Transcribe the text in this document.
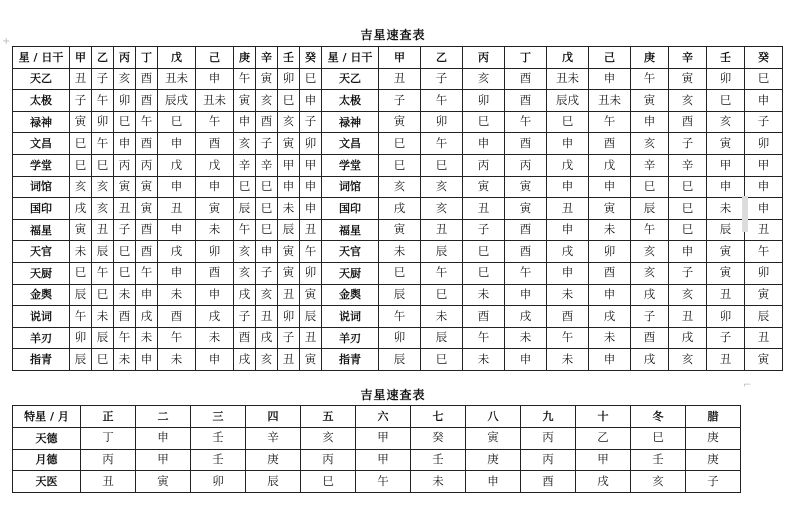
吉星速查表
+
星 / 日干	甲	乙	丙	丁	戊	己	庚	辛	壬	癸	星 / 日干	甲	乙	丙	丁	戊	己	庚	辛	壬	癸
天乙	丑	子	亥	酉	丑未	申	午	寅	卯	巳	天乙	丑	子	亥	酉	丑未	申	午	寅	卯	巳
太极	子	午	卯	酉	辰戌	丑未	寅	亥	巳	申	太极	子	午	卯	酉	辰戌	丑未	寅	亥	巳	申
禄神	寅	卯	巳	午	巳	午	申	酉	亥	子	禄神	寅	卯	巳	午	巳	午	申	酉	亥	子
文昌	巳	午	申	酉	申	酉	亥	子	寅	卯	文昌	巳	午	申	酉	申	酉	亥	子	寅	卯
学堂	巳	巳	丙	丙	戊	戊	辛	辛	甲	甲	学堂	巳	巳	丙	丙	戊	戊	辛	辛	甲	甲
词馆	亥	亥	寅	寅	申	申	巳	巳	申	申	词馆	亥	亥	寅	寅	申	申	巳	巳	申	申
国印	戌	亥	丑	寅	丑	寅	辰	巳	未	申	国印	戌	亥	丑	寅	丑	寅	辰	巳	未	申
福星	寅	丑	子	酉	申	未	午	巳	辰	丑	福星	寅	丑	子	酉	申	未	午	巳	辰	丑
天官	未	辰	巳	酉	戌	卯	亥	申	寅	午	天官	未	辰	巳	酉	戌	卯	亥	申	寅	午
天厨	巳	午	巳	午	申	酉	亥	子	寅	卯	天厨	巳	午	巳	午	申	酉	亥	子	寅	卯
金舆	辰	巳	未	申	未	申	戌	亥	丑	寅	金舆	辰	巳	未	申	未	申	戌	亥	丑	寅
说词	午	未	酉	戌	酉	戌	子	丑	卯	辰	说词	午	未	酉	戌	酉	戌	子	丑	卯	辰
羊刃	卯	辰	午	未	午	未	酉	戌	子	丑	羊刃	卯	辰	午	未	午	未	酉	戌	子	丑
指青	辰	巳	未	申	未	申	戌	亥	丑	寅	指青	辰	巳	未	申	未	申	戌	亥	丑	寅
吉星速查表
特星 / 月	正	二	三	四	五	六	七	八	九	十	冬	腊
天德	丁	申	壬	辛	亥	甲	癸	寅	丙	乙	巳	庚
月德	丙	甲	壬	庚	丙	甲	壬	庚	丙	甲	壬	庚
天医	丑	寅	卯	辰	巳	午	未	申	酉	戌	亥	子
⌐
